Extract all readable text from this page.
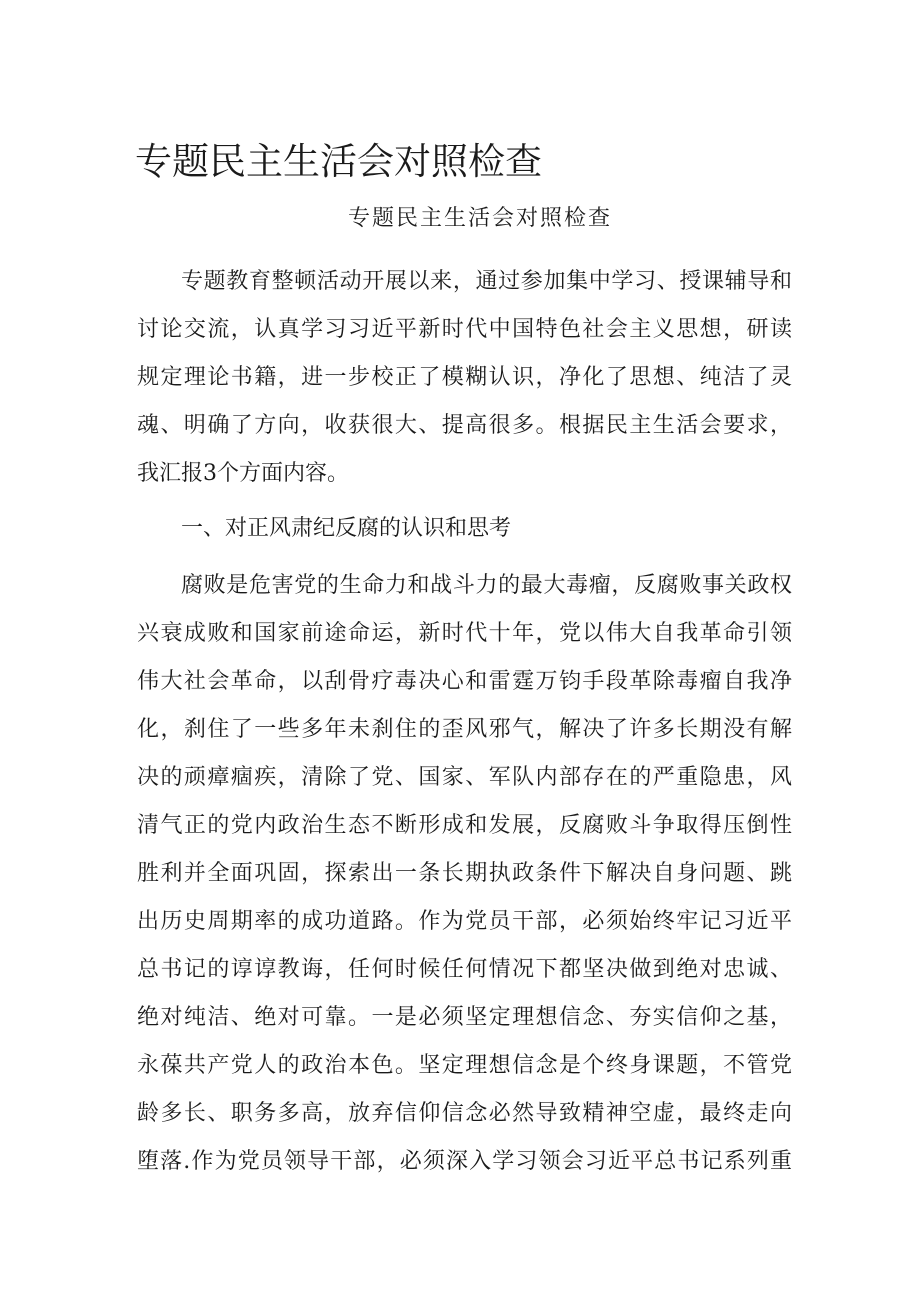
专题民主生活会对照检查
专题民主生活会对照检查
专题教育整顿活动开展以来，通过参加集中学习、授课辅导和
讨论交流，认真学习习近平新时代中国特色社会主义思想，研读
规定理论书籍，进一步校正了模糊认识，净化了思想、纯洁了灵
魂、明确了方向，收获很大、提高很多。根据民主生活会要求，
我汇报3个方面内容。
一、对正风肃纪反腐的认识和思考
腐败是危害党的生命力和战斗力的最大毒瘤，反腐败事关政权
兴衰成败和国家前途命运，新时代十年，党以伟大自我革命引领
伟大社会革命，以刮骨疗毒决心和雷霆万钧手段革除毒瘤自我净
化，刹住了一些多年未刹住的歪风邪气，解决了许多长期没有解
决的顽瘴痼疾，清除了党、国家、军队内部存在的严重隐患，风
清气正的党内政治生态不断形成和发展，反腐败斗争取得压倒性
胜利并全面巩固，探索出一条长期执政条件下解决自身问题、跳
出历史周期率的成功道路。作为党员干部，必须始终牢记习近平
总书记的谆谆教诲，任何时候任何情况下都坚决做到绝对忠诚、
绝对纯洁、绝对可靠。一是必须坚定理想信念、夯实信仰之基，
永葆共产党人的政治本色。坚定理想信念是个终身课题，不管党
龄多长、职务多高，放弃信仰信念必然导致精神空虚，最终走向
堕落.作为党员领导干部，必须深入学习领会习近平总书记系列重
